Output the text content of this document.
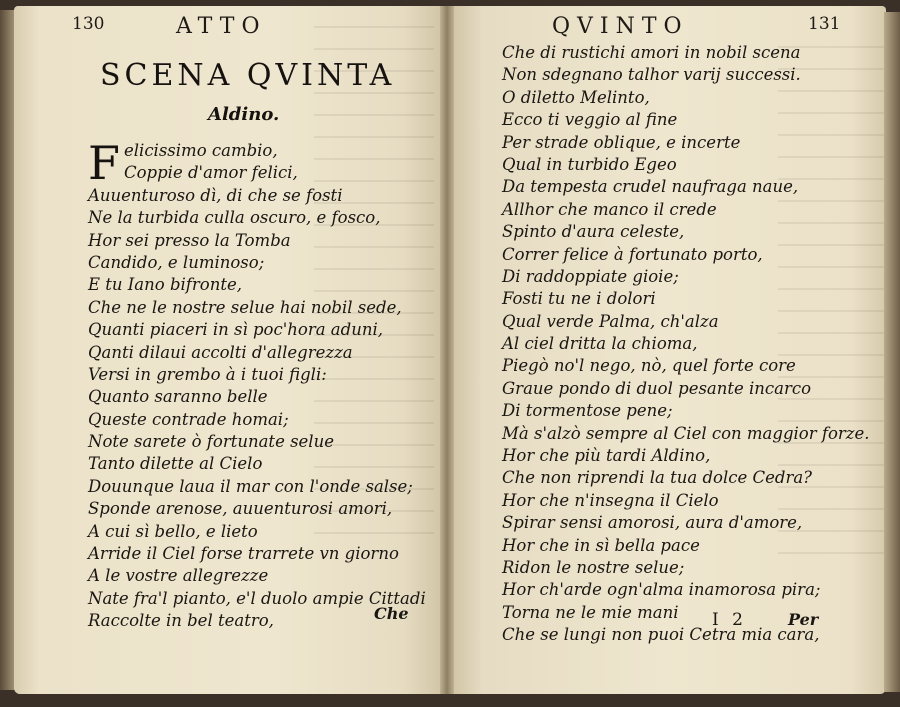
130	ATTO
SCENA QVINTA
Aldino.
F elicissimo cambio,
Coppie d'amor felici,
Auuenturoso dì, di che se fosti
Ne la turbida culla oscuro, e fosco,
Hor sei presso la Tomba
Candido, e luminoso;
E tu Iano bifronte,
Che ne le nostre selue hai nobil sede,
Quanti piaceri in sì poc'hora aduni,
Qanti dilaui accolti d'allegrezza
Versi in grembo à i tuoi figli:
Quanto saranno belle
Queste contrade homai;
Note sarete ò fortunate selue
Tanto dilette al Cielo
Douunque laua il mar con l'onde salse;
Sponde arenose, auuenturosi amori,
A cui sì bello, e lieto
Arride il Ciel forse trarrete vn giorno
A le vostre allegrezze
Nate fra'l pianto, e'l duolo ampie Cittadi
Raccolte in bel teatro,	Che
QVINTO	131
Che di rustichi amori in nobil scena
Non sdegnano talhor varij successi.
O diletto Melinto,
Ecco ti veggio al fine
Per strade oblique, e incerte
Qual in turbido Egeo
Da tempesta crudel naufraga naue,
Allhor che manco il crede
Spinto d'aura celeste,
Correr felice à fortunato porto,
Di raddoppiate gioie;
Fosti tu ne i dolori
Qual verde Palma, ch'alza
Al ciel dritta la chioma,
Piegò no'l nego, nò, quel forte core
Graue pondo di duol pesante incarco
Di tormentose pene;
Mà s'alzò sempre al Ciel con maggior forze.
Hor che più tardi Aldino,
Che non riprendi la tua dolce Cedra?
Hor che n'insegna il Cielo
Spirar sensi amorosi, aura d'amore,
Hor che in sì bella pace
Ridon le nostre selue;
Hor ch'arde ogn'alma inamorosa pira;
Torna ne le mie mani
Che se lungi non puoi Cetra mia cara,
I 2	Per
